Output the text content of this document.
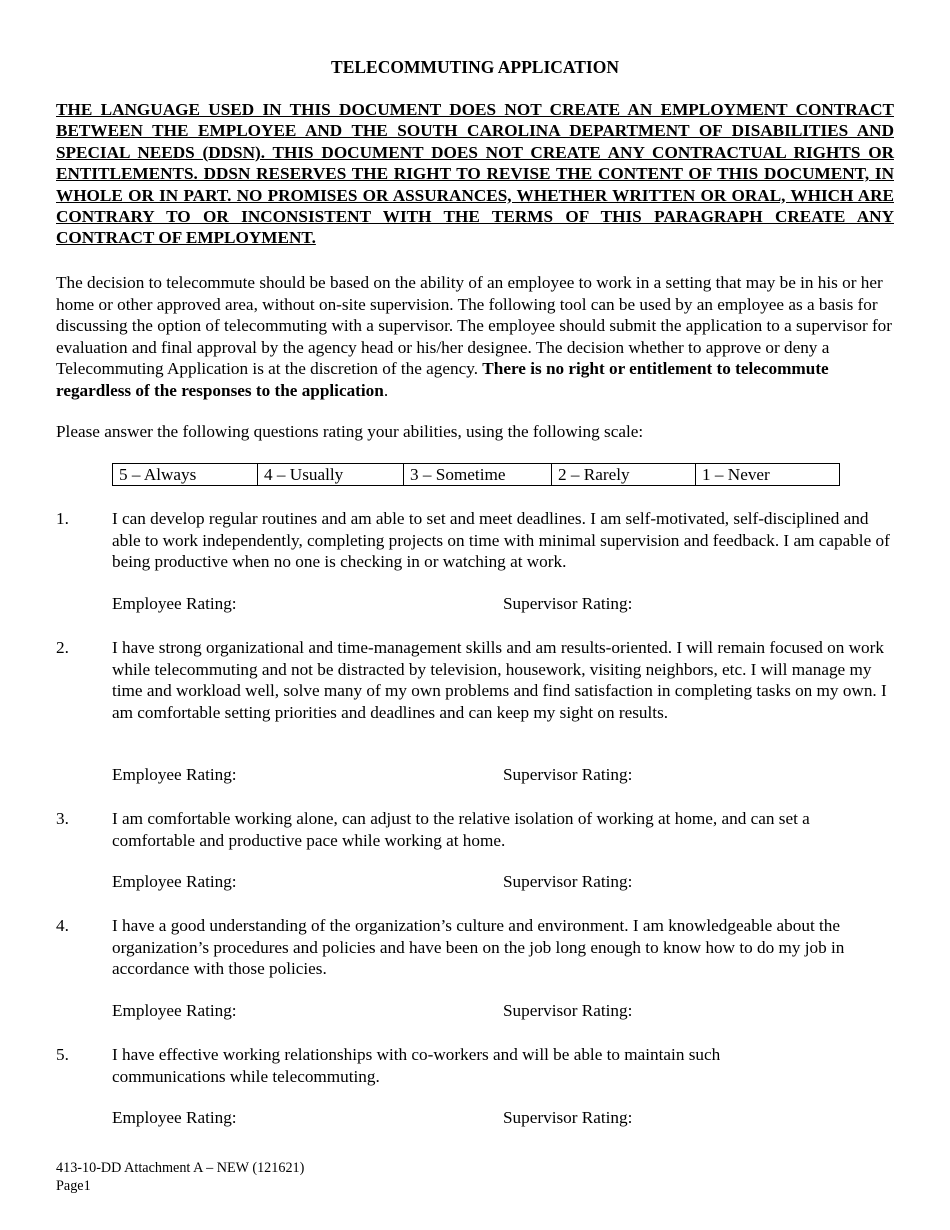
TELECOMMUTING APPLICATION
THE LANGUAGE USED IN THIS DOCUMENT DOES NOT CREATE AN EMPLOYMENT CONTRACT BETWEEN THE EMPLOYEE AND THE SOUTH CAROLINA DEPARTMENT OF DISABILITIES AND SPECIAL NEEDS (DDSN). THIS DOCUMENT DOES NOT CREATE ANY CONTRACTUAL RIGHTS OR ENTITLEMENTS. DDSN RESERVES THE RIGHT TO REVISE THE CONTENT OF THIS DOCUMENT, IN WHOLE OR IN PART. NO PROMISES OR ASSURANCES, WHETHER WRITTEN OR ORAL, WHICH ARE CONTRARY TO OR INCONSISTENT WITH THE TERMS OF THIS PARAGRAPH CREATE ANY CONTRACT OF EMPLOYMENT.
The decision to telecommute should be based on the ability of an employee to work in a setting that may be in his or her home or other approved area, without on-site supervision. The following tool can be used by an employee as a basis for discussing the option of telecommuting with a supervisor. The employee should submit the application to a supervisor for evaluation and final approval by the agency head or his/her designee. The decision whether to approve or deny a Telecommuting Application is at the discretion of the agency. There is no right or entitlement to telecommute regardless of the responses to the application.
Please answer the following questions rating your abilities, using the following scale:
5 – Always	4 – Usually	3 – Sometime	2 – Rarely	1 – Never
1.	I can develop regular routines and am able to set and meet deadlines. I am self-motivated, self-disciplined and able to work independently, completing projects on time with minimal supervision and feedback. I am capable of being productive when no one is checking in or watching at work.
Employee Rating:	Supervisor Rating:
2.	I have strong organizational and time-management skills and am results-oriented. I will remain focused on work while telecommuting and not be distracted by television, housework, visiting neighbors, etc. I will manage my time and workload well, solve many of my own problems and find satisfaction in completing tasks on my own. I am comfortable setting priorities and deadlines and can keep my sight on results.
Employee Rating:	Supervisor Rating:
3.	I am comfortable working alone, can adjust to the relative isolation of working at home, and can set a comfortable and productive pace while working at home.
Employee Rating:	Supervisor Rating:
4.	I have a good understanding of the organization’s culture and environment. I am knowledgeable about the organization’s procedures and policies and have been on the job long enough to know how to do my job in accordance with those policies.
Employee Rating:	Supervisor Rating:
5.	I have effective working relationships with co-workers and will be able to maintain such communications while telecommuting.
Employee Rating:	Supervisor Rating:
413-10-DD Attachment A – NEW (121621)
Page1
